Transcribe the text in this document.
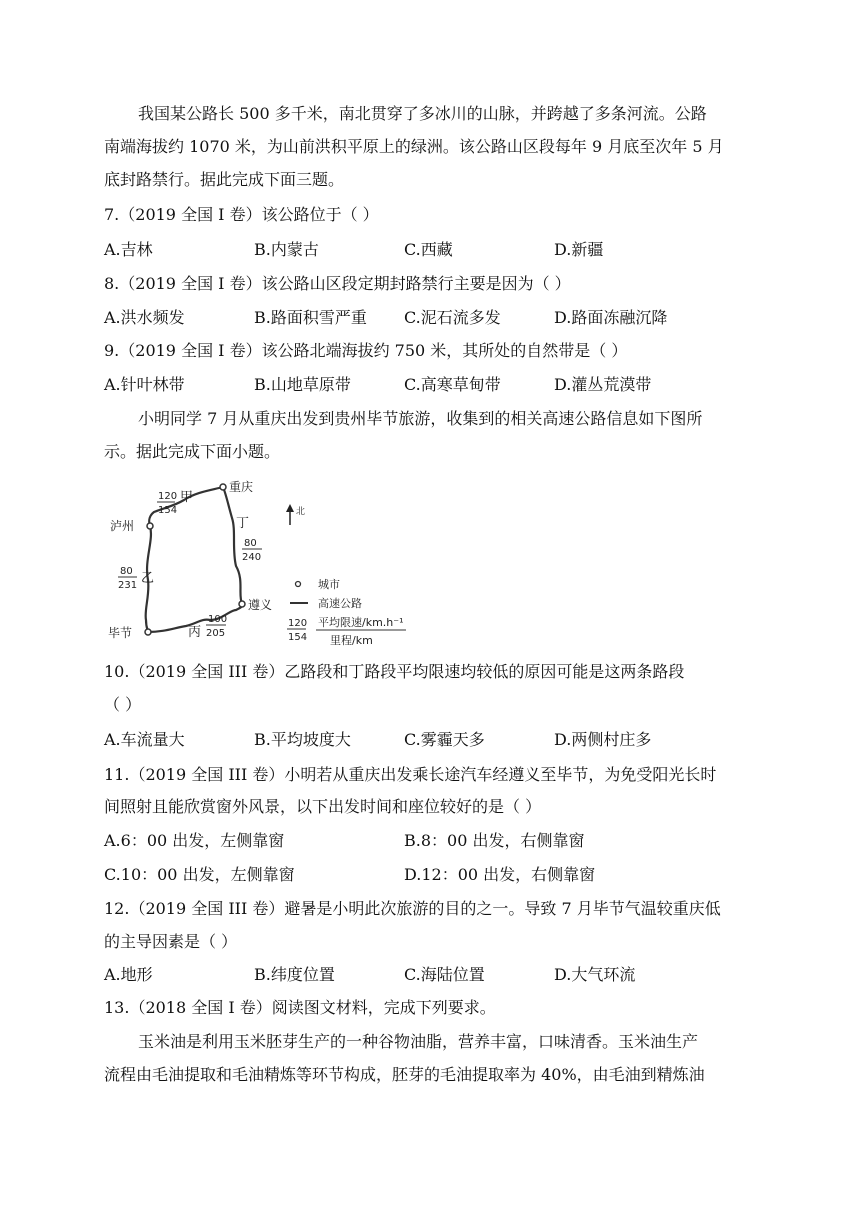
我国某公路长 500 多千米，南北贯穿了多冰川的山脉，并跨越了多条河流。公路
南端海拔约 1070 米，为山前洪积平原上的绿洲。该公路山区段每年 9 月底至次年 5 月
底封路禁行。据此完成下面三题。
7.（2019 全国 I 卷）该公路位于（ ）
A.吉林	B.内蒙古	C.西藏	D.新疆
8.（2019 全国 I 卷）该公路山区段定期封路禁行主要是因为（ ）
A.洪水频发	B.路面积雪严重 C.泥石流多发	D.路面冻融沉降
9.（2019 全国 I 卷）该公路北端海拔约 750 米，其所处的自然带是（ ）
A.针叶林带	B.山地草原带	C.高寒草甸带	D.灌丛荒漠带
小明同学 7 月从重庆出发到贵州毕节旅游，收集到的相关高速公路信息如下图所
示。据此完成下面小题。
重庆
泸州
毕节
遵义
120
154
甲
丁
80
240
80
231 乙
丙
100
205
北
城市
高速公路
120
154
平均限速/km.h⁻¹
里程/km
10.（2019 全国 III 卷）乙路段和丁路段平均限速均较低的原因可能是这两条路段
（ ）
A.车流量大	B.平均坡度大	C.雾霾天多	D.两侧村庄多
11.（2019 全国 III 卷）小明若从重庆出发乘长途汽车经遵义至毕节，为免受阳光长时
间照射且能欣赏窗外风景，以下出发时间和座位较好的是（ ）
A.6：00 出发，左侧靠窗	B.8：00 出发，右侧靠窗
C.10：00 出发，左侧靠窗	D.12：00 出发，右侧靠窗
12.（2019 全国 III 卷）避暑是小明此次旅游的目的之一。导致 7 月毕节气温较重庆低
的主导因素是（ ）
A.地形	B.纬度位置	C.海陆位置	D.大气环流
13.（2018 全国 I 卷）阅读图文材料，完成下列要求。
玉米油是利用玉米胚芽生产的一种谷物油脂，营养丰富，口味清香。玉米油生产
流程由毛油提取和毛油精炼等环节构成，胚芽的毛油提取率为 40%，由毛油到精炼油
